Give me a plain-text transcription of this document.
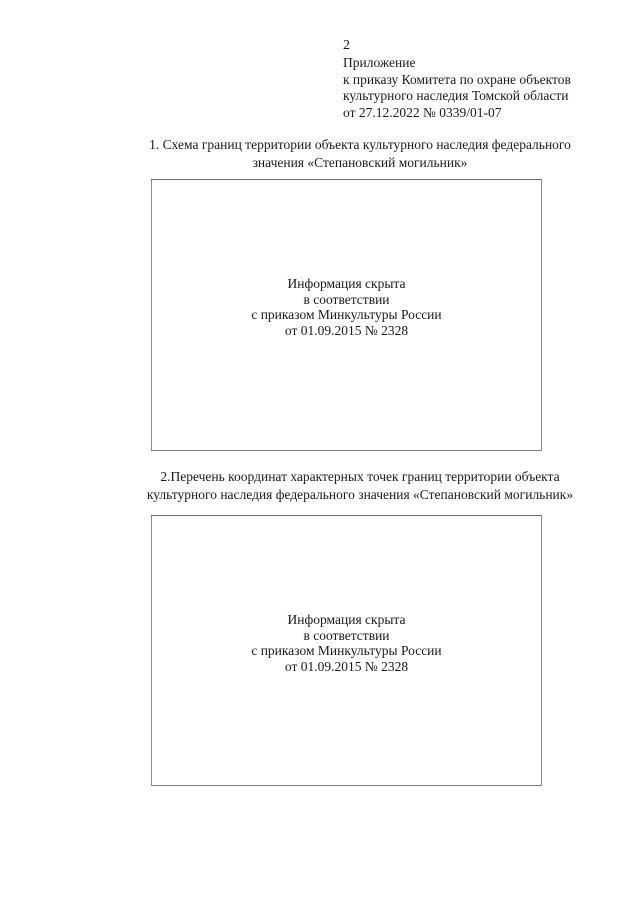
2
Приложение
к приказу Комитета по охране объектов
культурного наследия Томской области
от 27.12.2022 № 0339/01-07
1. Схема границ территории объекта культурного наследия федерального
значения «Степановский могильник»
Информация скрыта
в соответствии
с приказом Минкультуры России
от 01.09.2015 № 2328
2.Перечень координат характерных точек границ территории объекта
культурного наследия федерального значения «Степановский могильник»
Информация скрыта
в соответствии
с приказом Минкультуры России
от 01.09.2015 № 2328
